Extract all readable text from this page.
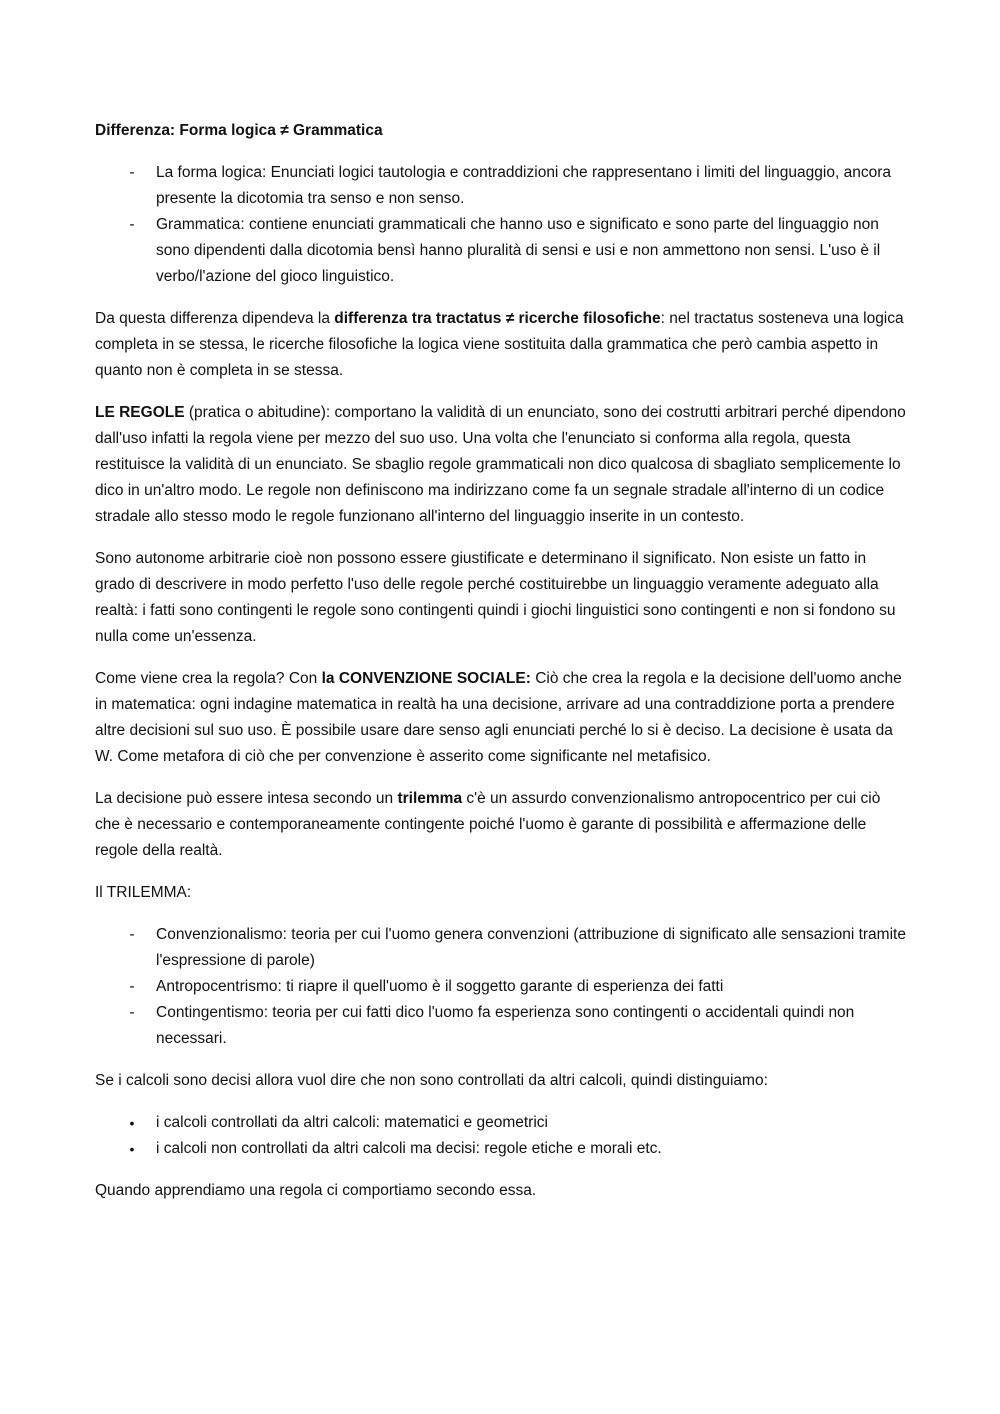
Differenza: Forma logica ≠ Grammatica
- La forma logica: Enunciati logici tautologia e contraddizioni che rappresentano i limiti del linguaggio, ancora presente la dicotomia tra senso e non senso.
- Grammatica: contiene enunciati grammaticali che hanno uso e significato e sono parte del linguaggio non sono dipendenti dalla dicotomia bensì hanno pluralità di sensi e usi e non ammettono non sensi. L'uso è il verbo/l'azione del gioco linguistico.

Da questa differenza dipendeva la differenza tra tractatus ≠ ricerche filosofiche: nel tractatus sosteneva una logica completa in se stessa, le ricerche filosofiche la logica viene sostituita dalla grammatica che però cambia aspetto in quanto non è completa in se stessa.

LE REGOLE (pratica o abitudine): comportano la validità di un enunciato, sono dei costrutti arbitrari perché dipendono dall'uso infatti la regola viene per mezzo del suo uso. Una volta che l'enunciato si conforma alla regola, questa restituisce la validità di un enunciato. Se sbaglio regole grammaticali non dico qualcosa di sbagliato semplicemente lo dico in un'altro modo. Le regole non definiscono ma indirizzano come fa un segnale stradale all'interno di un codice stradale allo stesso modo le regole funzionano all'interno del linguaggio inserite in un contesto.

Sono autonome arbitrarie cioè non possono essere giustificate e determinano il significato. Non esiste un fatto in grado di descrivere in modo perfetto l'uso delle regole perché costituirebbe un linguaggio veramente adeguato alla realtà: i fatti sono contingenti le regole sono contingenti quindi i giochi linguistici sono contingenti e non si fondono su nulla come un'essenza.

Come viene crea la regola? Con la CONVENZIONE SOCIALE: Ciò che crea la regola e la decisione dell'uomo anche in matematica: ogni indagine matematica in realtà ha una decisione, arrivare ad una contraddizione porta a prendere altre decisioni sul suo uso. È possibile usare dare senso agli enunciati perché lo si è deciso. La decisione è usata da W. Come metafora di ciò che per convenzione è asserito come significante nel metafisico.

La decisione può essere intesa secondo un trilemma c'è un assurdo convenzionalismo antropocentrico per cui ciò che è necessario e contemporaneamente contingente poiché l'uomo è garante di possibilità e affermazione delle regole della realtà.

Il TRILEMMA:

- Convenzionalismo: teoria per cui l'uomo genera convenzioni (attribuzione di significato alle sensazioni tramite l'espressione di parole)
- Antropocentrismo: ti riapre il quell'uomo è il soggetto garante di esperienza dei fatti
- Contingentismo: teoria per cui fatti dico l'uomo fa esperienza sono contingenti o accidentali quindi non necessari.

Se i calcoli sono decisi allora vuol dire che non sono controllati da altri calcoli, quindi distinguiamo:

• i calcoli controllati da altri calcoli: matematici e geometrici
• i calcoli non controllati da altri calcoli ma decisi: regole etiche e morali etc.

Quando apprendiamo una regola ci comportiamo secondo essa.
